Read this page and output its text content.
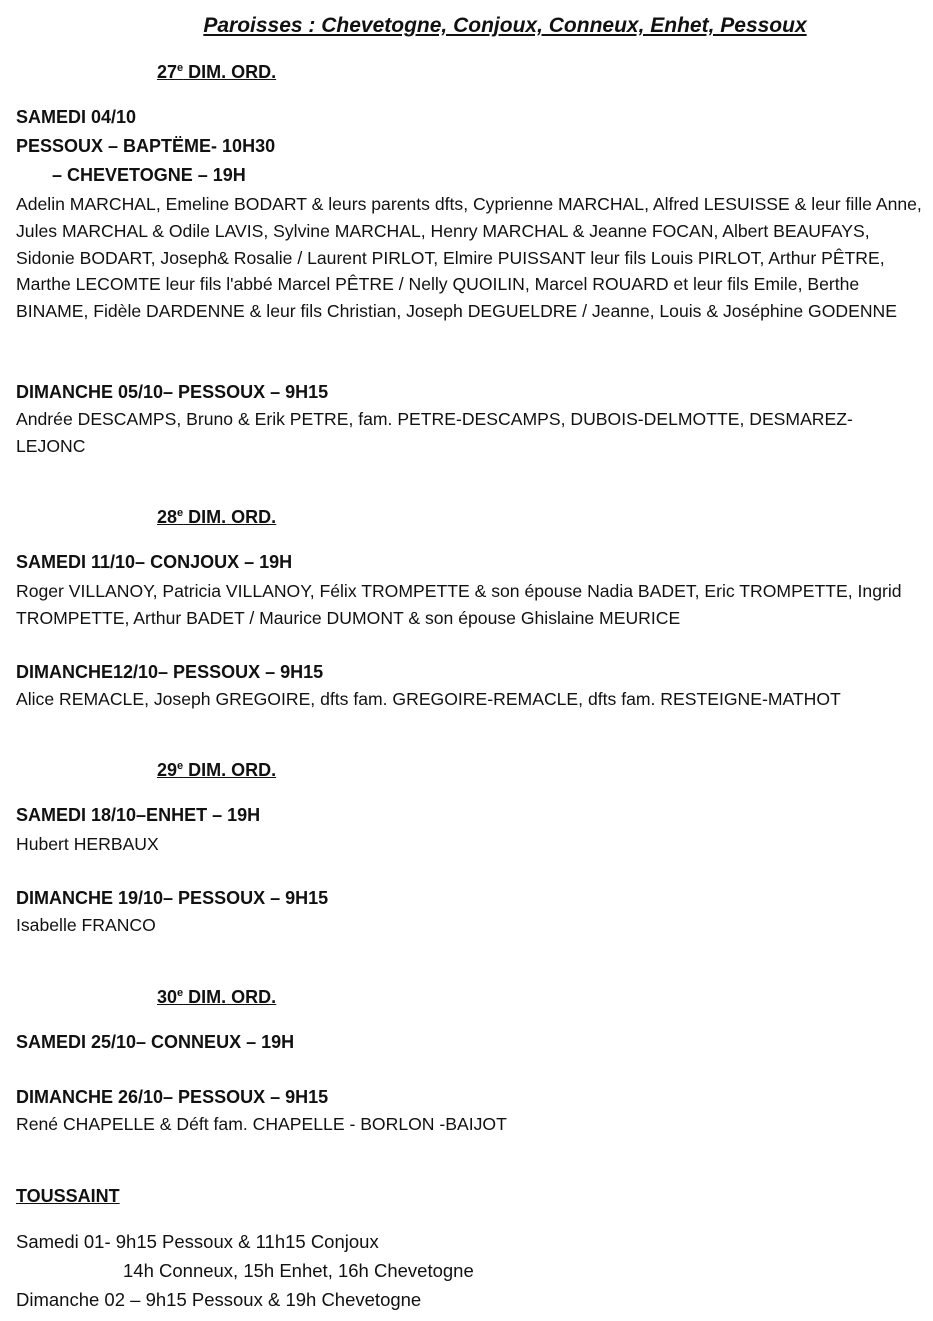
Paroisses : Chevetogne, Conjoux, Conneux, Enhet, Pessoux
27e DIM. ORD.
SAMEDI 04/10
PESSOUX – BAPTËME- 10H30
– CHEVETOGNE – 19H
Adelin MARCHAL, Emeline BODART & leurs parents dfts, Cyprienne MARCHAL, Alfred LESUISSE & leur fille Anne, Jules MARCHAL & Odile LAVIS, Sylvine MARCHAL, Henry MARCHAL & Jeanne FOCAN, Albert BEAUFAYS, Sidonie BODART, Joseph& Rosalie / Laurent PIRLOT, Elmire PUISSANT leur fils Louis PIRLOT, Arthur PÊTRE, Marthe LECOMTE leur fils l'abbé Marcel PÊTRE / Nelly QUOILIN, Marcel ROUARD et leur fils Emile, Berthe BINAME, Fidèle DARDENNE & leur fils Christian, Joseph DEGUELDRE / Jeanne, Louis & Joséphine GODENNE
DIMANCHE 05/10– PESSOUX – 9H15
Andrée DESCAMPS, Bruno & Erik PETRE, fam. PETRE-DESCAMPS, DUBOIS-DELMOTTE, DESMAREZ-LEJONC
28e DIM. ORD.
SAMEDI 11/10– CONJOUX – 19H
Roger VILLANOY, Patricia VILLANOY, Félix TROMPETTE & son épouse Nadia BADET, Eric TROMPETTE, Ingrid TROMPETTE, Arthur BADET / Maurice DUMONT & son épouse Ghislaine MEURICE
DIMANCHE12/10– PESSOUX – 9H15
Alice REMACLE, Joseph GREGOIRE, dfts fam. GREGOIRE-REMACLE, dfts fam. RESTEIGNE-MATHOT
29e DIM. ORD.
SAMEDI 18/10–ENHET – 19H
Hubert HERBAUX
DIMANCHE 19/10– PESSOUX – 9H15
Isabelle FRANCO
30e DIM. ORD.
SAMEDI 25/10– CONNEUX – 19H
DIMANCHE 26/10– PESSOUX – 9H15
René CHAPELLE & Déft fam. CHAPELLE - BORLON -BAIJOT
TOUSSAINT
Samedi 01- 9h15 Pessoux & 11h15 Conjoux
14h Conneux, 15h Enhet, 16h Chevetogne
Dimanche 02 – 9h15 Pessoux & 19h Chevetogne
